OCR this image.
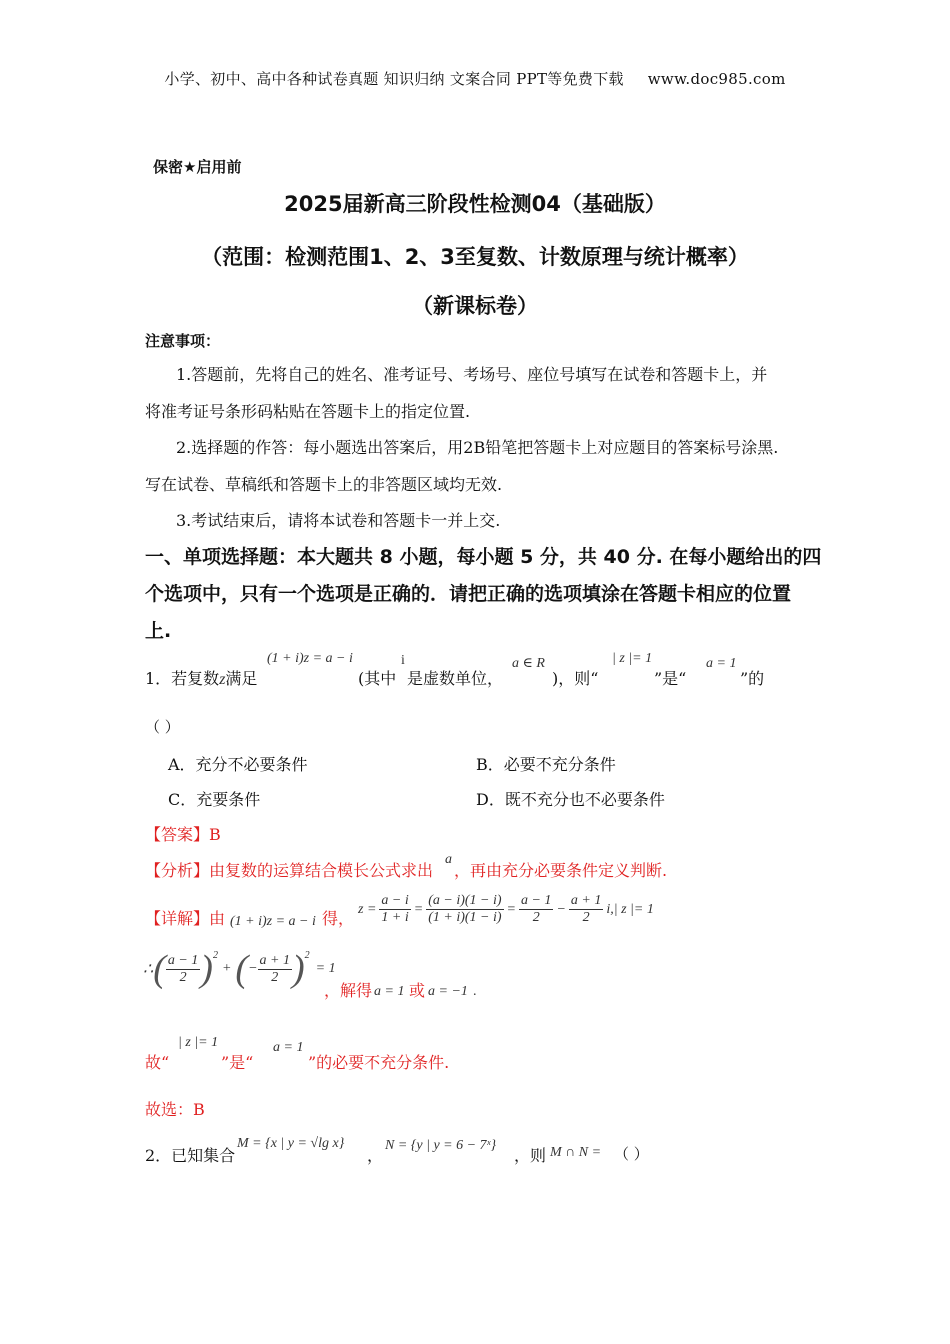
小学、初中、高中各种试卷真题 知识归纳 文案合同 PPT等免费下载 www.doc985.com
保密★启用前
2025届新高三阶段性检测04（基础版）
（范围：检测范围1、2、3至复数、计数原理与统计概率）
（新课标卷）
注意事项：
1.答题前，先将自己的姓名、准考证号、考场号、座位号填写在试卷和答题卡上，并
将准考证号条形码粘贴在答题卡上的指定位置.
2.选择题的作答：每小题选出答案后，用2B铅笔把答题卡上对应题目的答案标号涂黑.
写在试卷、草稿纸和答题卡上的非答题区域均无效.
3.考试结束后，请将本试卷和答题卡一并上交.
一、单项选择题：本大题共 8 小题，每小题 5 分，共 40 分. 在每小题给出的四
个选项中，只有一个选项是正确的．请把正确的选项填涂在答题卡相应的位置
上.
1．若复数z满足
(1 + i)z = a − i
(其中
i
是虚数单位，
a ∈ R
)，则“
| z |= 1
”是“
a = 1
”的
（ ）
A．充分不必要条件	B．必要不充分条件
C．充要条件	D．既不充分也不必要条件
【答案】B
【分析】由复数的运算结合模长公式求出
a
，再由充分必要条件定义判断.
【详解】由 (1 + i)z = a − i 得， $z = \frac{a - i}{1 + i} = \frac{(a - i)(1 - i)}{(1 + i)(1 - i)} = \frac{a - 1}{2} - \frac{a + 1}{2} i,|$ z |= 1
∴ ( $\frac{a - 1}{2}$ ) 2
+ ( − $\frac{a + 1}{2}$ ) 2
= 1
，解得 a = 1 或 a = −1 .
故“
| z |= 1
”是“
a = 1
”的必要不充分条件.
故选：B
2．已知集合
M = {x | y = √lg x}
，
N = {y | y = 6 − 7ˣ}
，则 M ∩ N = （ ）
